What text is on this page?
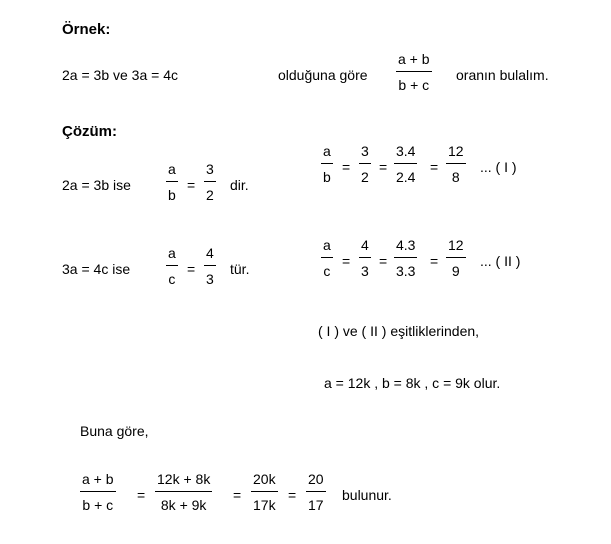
Örnek:
2a = 3b ve 3a = 4c	olduğuna göre
a + b
b + c
oranın bulalım.
Çözüm:
2a = 3b ise
a
b
=
3
2
dir.
3a = 4c ise
a
c
=
4
3
tür.
a
b
=
3
2
=
3.4
2.4
=
12
8
... ( I )
a
c
=
4
3
=
4.3
3.3
=
12
9
... ( II )
( I ) ve ( II ) eşitliklerinden,
a = 12k , b = 8k , c = 9k olur.
Buna göre,
a + b
b + c
=
12k + 8k
8k + 9k
=
20k
17k
=
20
17
bulunur.
